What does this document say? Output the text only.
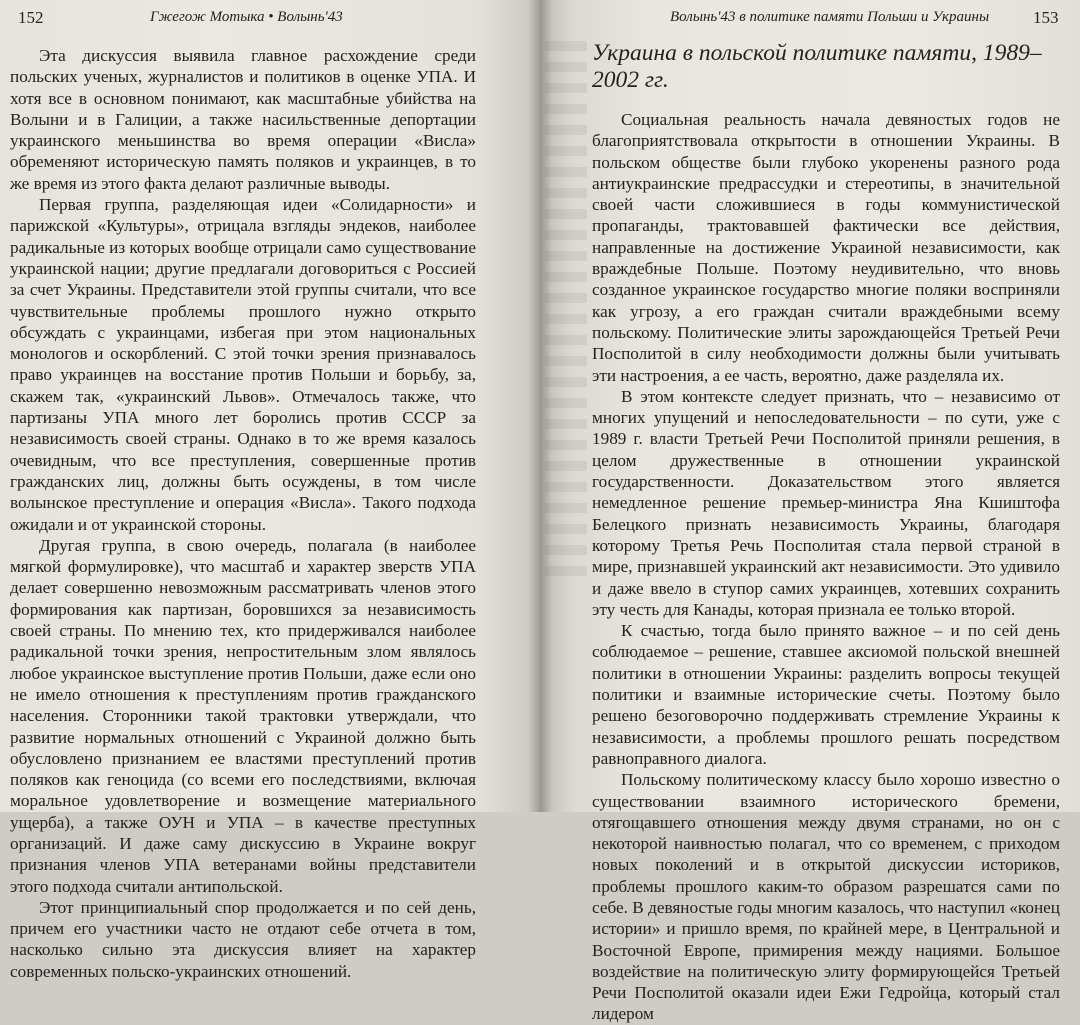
152	Гжегож Мотыка • Волынь'43

Эта дискуссия выявила главное расхождение среди польских ученых, журналистов и политиков в оценке УПА. И хотя все в основном понимают, как масштабные убийства на Волыни и в Галиции, а также насильственные депортации украинского меньшинства во время операции «Висла» обременяют историческую память поляков и украинцев, в то же время из этого факта делают различные выводы.

Первая группа, разделяющая идеи «Солидарности» и парижской «Культуры», отрицала взгляды эндеков, наиболее радикальные из которых вообще отрицали само существование украинской нации; другие предлагали договориться с Россией за счет Украины. Представители этой группы считали, что все чувствительные проблемы прошлого нужно открыто обсуждать с украинцами, избегая при этом национальных монологов и оскорблений. С этой точки зрения признавалось право украинцев на восстание против Польши и борьбу, за, скажем так, «украинский Львов». Отмечалось также, что партизаны УПА много лет боролись против СССР за независимость своей страны. Однако в то же время казалось очевидным, что все преступления, совершенные против гражданских лиц, должны быть осуждены, в том числе волынское преступление и операция «Висла». Такого подхода ожидали и от украинской стороны.

Другая группа, в свою очередь, полагала (в наиболее мягкой формулировке), что масштаб и характер зверств УПА делает совершенно невозможным рассматривать членов этого формирования как партизан, боровшихся за независимость своей страны. По мнению тех, кто придерживался наиболее радикальной точки зрения, непростительным злом являлось любое украинское выступление против Польши, даже если оно не имело отношения к преступлениям против гражданского населения. Сторонники такой трактовки утверждали, что развитие нормальных отношений с Украиной должно быть обусловлено признанием ее властями преступлений против поляков как геноцида (со всеми его последствиями, включая моральное удовлетворение и возмещение материального ущерба), а также ОУН и УПА – в качестве преступных организаций. И даже саму дискуссию в Украине вокруг признания членов УПА ветеранами войны представители этого подхода считали антипольской.

Этот принципиальный спор продолжается и по сей день, причем его участники часто не отдают себе отчета в том, насколько сильно эта дискуссия влияет на характер современных польско-украинских отношений.

Волынь'43 в политике памяти Польши и Украины	153
Украина в польской политике памяти, 1989–2002 гг.

Социальная реальность начала девяностых годов не благоприятствовала открытости в отношении Украины. В польском обществе были глубоко укоренены разного рода антиукраинские предрассудки и стереотипы, в значительной своей части сложившиеся в годы коммунистической пропаганды, трактовавшей фактически все действия, направленные на достижение Украиной независимости, как враждебные Польше. Поэтому неудивительно, что вновь созданное украинское государство многие поляки восприняли как угрозу, а его граждан считали враждебными всему польскому. Политические элиты зарождающейся Третьей Речи Посполитой в силу необходимости должны были учитывать эти настроения, а ее часть, вероятно, даже разделяла их.

В этом контексте следует признать, что – независимо от многих упущений и непоследовательности – по сути, уже с 1989 г. власти Третьей Речи Посполитой приняли решения, в целом дружественные в отношении украинской государственности. Доказательством этого является немедленное решение премьер-министра Яна Кшиштофа Белецкого признать независимость Украины, благодаря которому Третья Речь Посполитая стала первой страной в мире, признавшей украинский акт независимости. Это удивило и даже ввело в ступор самих украинцев, хотевших сохранить эту честь для Канады, которая признала ее только второй.

К счастью, тогда было принято важное – и по сей день соблюдаемое – решение, ставшее аксиомой польской внешней политики в отношении Украины: разделить вопросы текущей политики и взаимные исторические счеты. Поэтому было решено безоговорочно поддерживать стремление Украины к независимости, а проблемы прошлого решать посредством равноправного диалога.

Польскому политическому классу было хорошо известно о существовании взаимного исторического бремени, отягощавшего отношения между двумя странами, но он с некоторой наивностью полагал, что со временем, с приходом новых поколений и в открытой дискуссии историков, проблемы прошлого каким-то образом разрешатся сами по себе. В девяностые годы многим казалось, что наступил «конец истории» и пришло время, по крайней мере, в Центральной и Восточной Европе, примирения между нациями. Большое воздействие на политическую элиту формирующейся Третьей Речи Посполитой оказали идеи Ежи Гедройца, который стал лидером
